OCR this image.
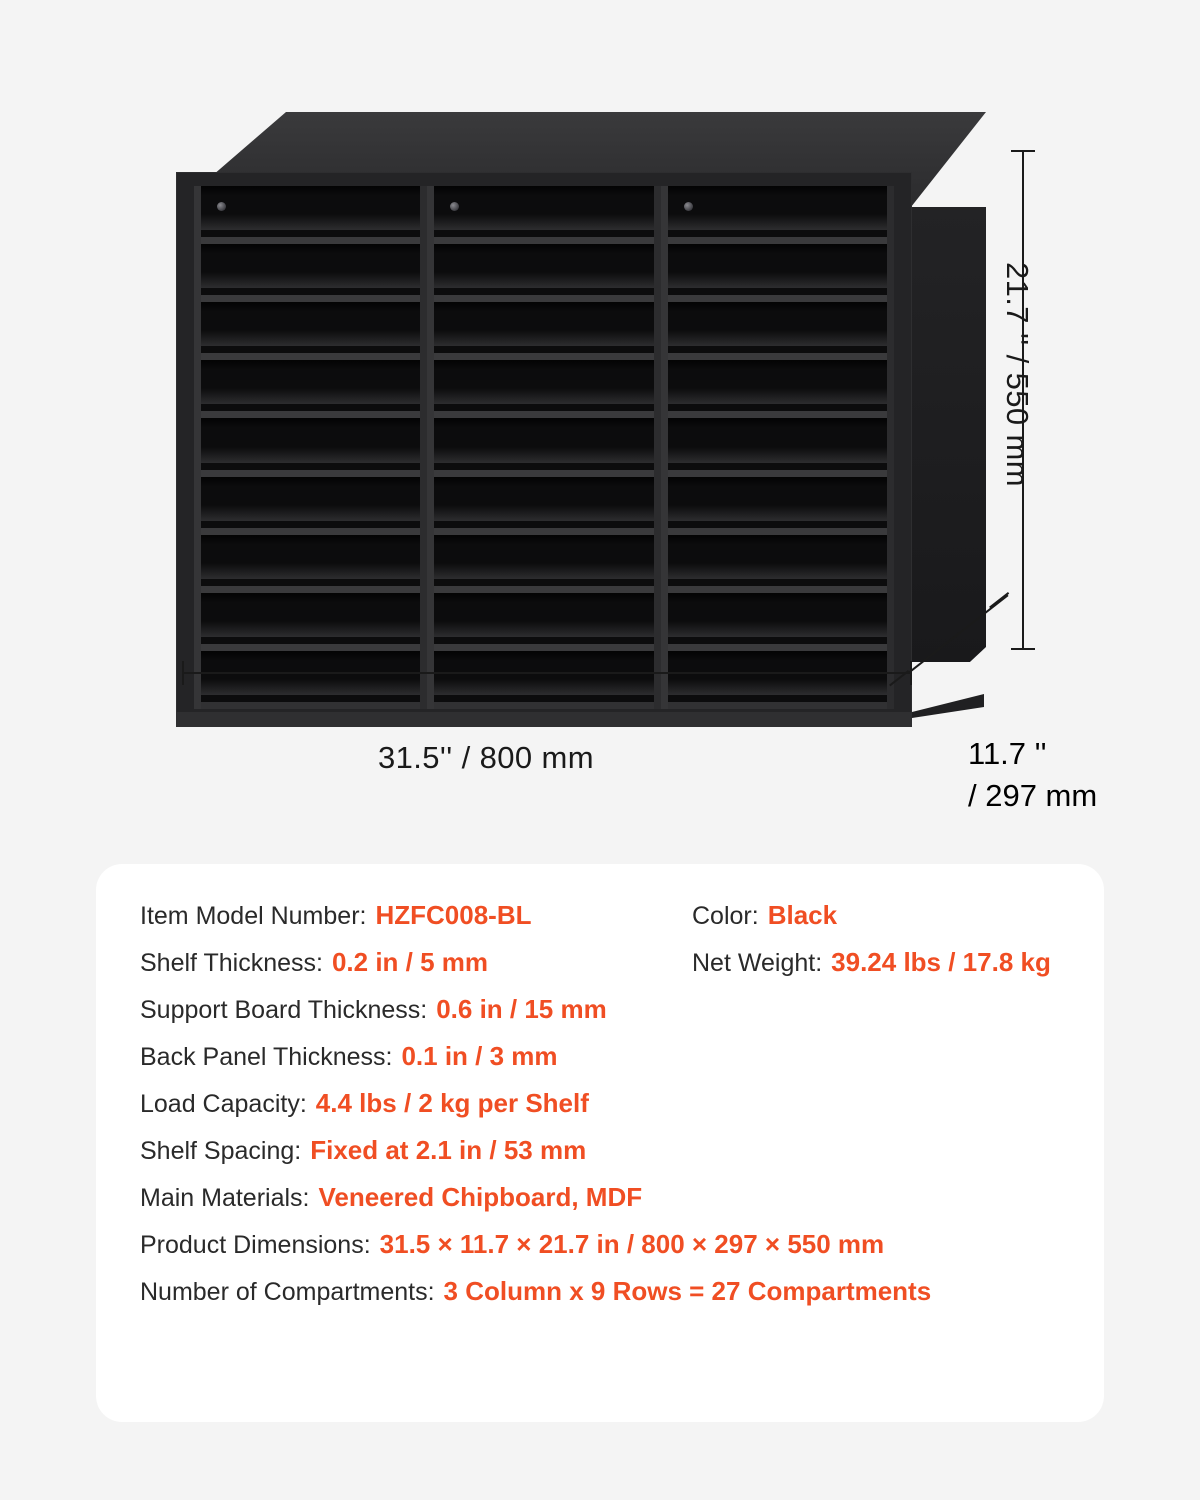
21.7 '' / 550 mm
31.5'' / 800 mm	11.7 ''
/ 297 mm
Item Model Number: HZFC008-BL	Color: Black
Shelf Thickness: 0.2 in / 5 mm	Net Weight: 39.24 lbs / 17.8 kg
Support Board Thickness: 0.6 in / 15 mm
Back Panel Thickness: 0.1 in / 3 mm
Load Capacity: 4.4 lbs / 2 kg per Shelf
Shelf Spacing: Fixed at 2.1 in / 53 mm
Main Materials: Veneered Chipboard, MDF
Product Dimensions: 31.5 × 11.7 × 21.7 in / 800 × 297 × 550 mm
Number of Compartments: 3 Column x 9 Rows = 27 Compartments
